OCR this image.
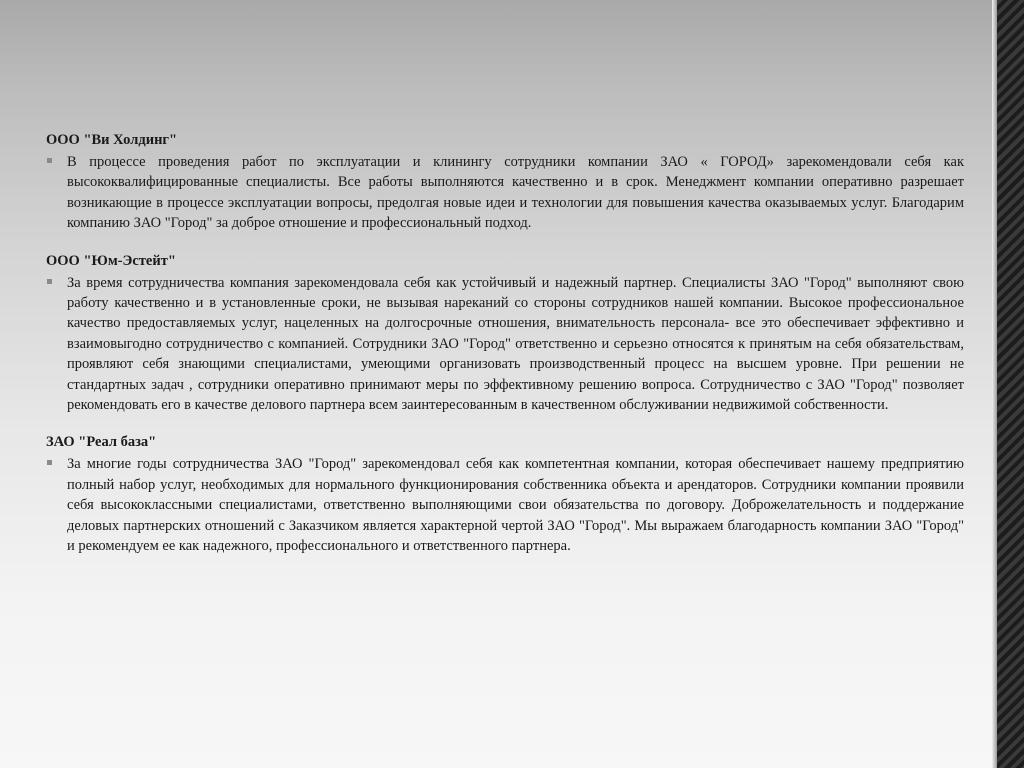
ООО "Ви Холдинг"

В процессе проведения работ по эксплуатации и клинингу сотрудники компании ЗАО « ГОРОД» зарекомендовали себя как высококвалифицированные специалисты. Все работы выполняются качественно и в срок. Менеджмент компании оперативно разрешает возникающие в процессе эксплуатации вопросы, предолгая новые идеи и технологии для повышения качества оказываемых услуг. Благодарим компанию ЗАО "Город" за доброе отношение и профессиональный подход.

ООО "Юм-Эстейт"

За время сотрудничества компания зарекомендовала себя как устойчивый и надежный партнер. Специалисты ЗАО "Город" выполняют свою работу качественно и в установленные сроки, не вызывая нареканий со стороны сотрудников нашей компании. Высокое профессиональное качество предоставляемых услуг, нацеленных на долгосрочные отношения, внимательность персонала- все это обеспечивает эффективно и взаимовыгодно сотрудничество с компанией. Сотрудники ЗАО "Город" ответственно и серьезно относятся к принятым на себя обязательствам, проявляют себя знающими специалистами, умеющими организовать производственный процесс на высшем уровне. При решении не стандартных задач , сотрудники оперативно принимают меры по эффективному решению вопроса. Сотрудничество с ЗАО "Город" позволяет рекомендовать его в качестве делового партнера всем заинтересованным в качественном обслуживании недвижимой собственности.

ЗАО "Реал база"

За многие годы сотрудничества ЗАО "Город" зарекомендовал себя как компетентная компании, которая обеспечивает нашему предприятию полный набор услуг, необходимых для нормального функционирования собственника объекта и арендаторов. Сотрудники компании проявили себя высококлассными специалистами, ответственно выполняющими свои обязательства по договору. Доброжелательность и поддержание деловых партнерских отношений с Заказчиком является характерной чертой ЗАО "Город". Мы выражаем благодарность компании ЗАО "Город" и рекомендуем ее как надежного, профессионального и ответственного партнера.
